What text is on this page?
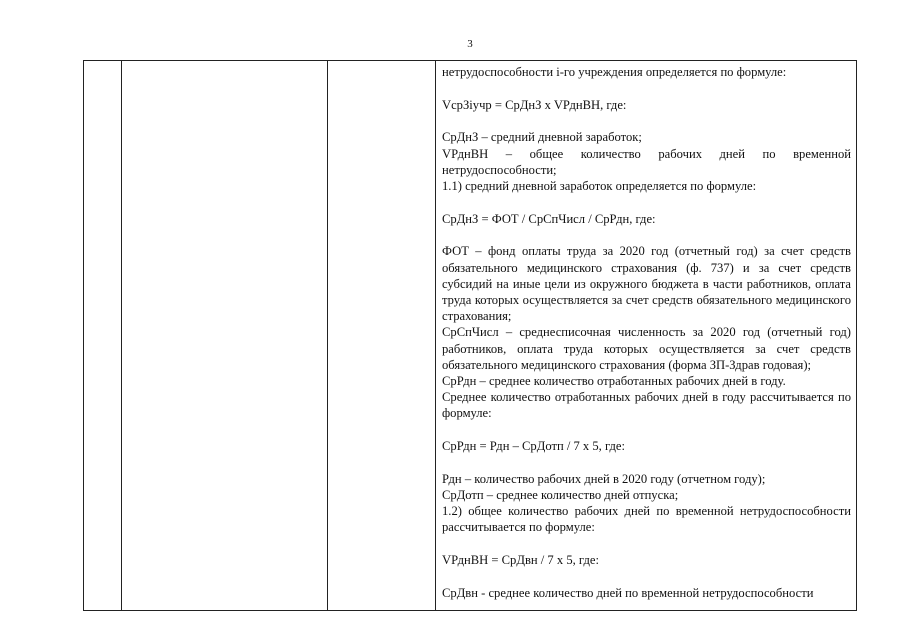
3

нетрудоспособности i-го учреждения определяется по формуле:

VсрЗiучр = СрДнЗ x VРднВН, где:

СрДнЗ – средний дневной заработок;

VРднВН – общее количество рабочих дней по временной нетрудоспособности;

1.1) средний дневной заработок определяется по формуле:

СрДнЗ = ФОТ / СрСпЧисл / СрРдн, где:

ФОТ – фонд оплаты труда за 2020 год (отчетный год) за счет средств обязательного медицинского страхования (ф. 737) и за счет средств субсидий на иные цели из окружного бюджета в части работников, оплата труда которых осуществляется за счет средств обязательного медицинского страхования;

СрСпЧисл – среднесписочная численность за 2020 год (отчетный год) работников, оплата труда которых осуществляется за счет средств обязательного медицинского страхования (форма ЗП-Здрав годовая);

СрРдн – среднее количество отработанных рабочих дней в году.

Среднее количество отработанных рабочих дней в году рассчитывается по формуле:

СрРдн = Рдн – СрДотп / 7 x 5, где:

Рдн – количество рабочих дней в 2020 году (отчетном году);

СрДотп – среднее количество дней отпуска;

1.2) общее количество рабочих дней по временной нетрудоспособности рассчитывается по формуле:

VРднВН = СрДвн / 7 x 5, где:

СрДвн - среднее количество дней по временной нетрудоспособности
